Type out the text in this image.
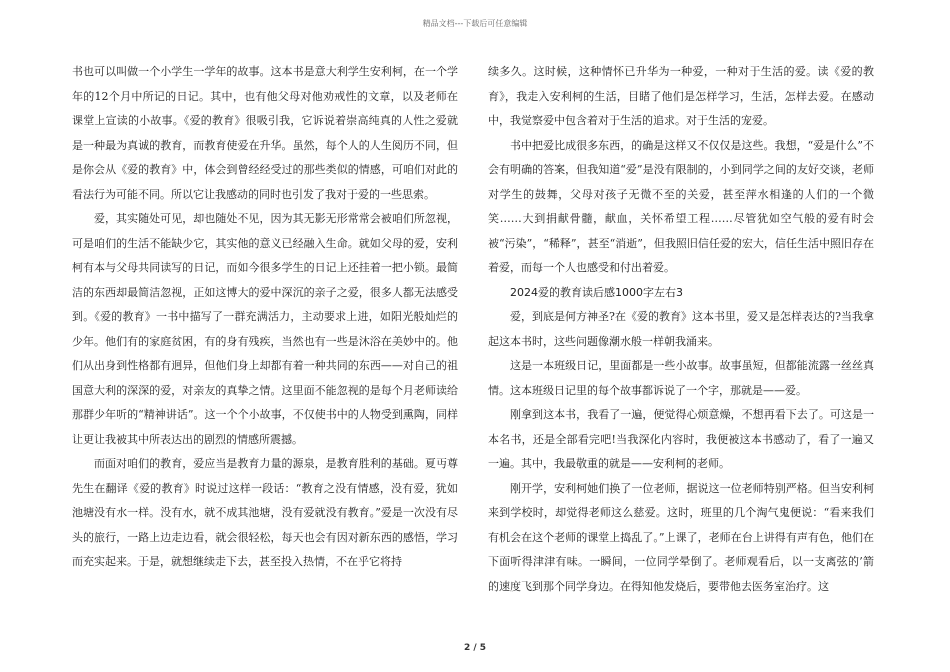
精品文档---下载后可任意编辑

书也可以叫做一个小学生一学年的故事。这本书是意大利学生安利柯，在一个学年的12个月中所记的日记。其中，也有他父母对他劝戒性的文章，以及老师在课堂上宣读的小故事。《爱的教育》很吸引我，它诉说着崇高纯真的人性之爱就是一种最为真诚的教育，而教育使爱在升华。虽然，每个人的人生阅历不同，但是你会从《爱的教育》中，体会到曾经经受过的那些类似的情感，可咱们对此的看法行为可能不同。所以它让我感动的同时也引发了我对于爱的一些思索。

爱，其实随处可见，却也随处不见，因为其无影无形常常会被咱们所忽视，可是咱们的生活不能缺少它，其实他的意义已经融入生命。就如父母的爱，安利柯有本与父母共同读写的日记，而如今很多学生的日记上还挂着一把小锁。最简洁的东西却最简洁忽视，正如这博大的爱中深沉的亲子之爱，很多人都无法感受到。《爱的教育》一书中描写了一群充满活力，主动要求上进，如阳光般灿烂的少年。他们有的家庭贫困，有的身有残疾，当然也有一些是沐浴在美妙中的。他们从出身到性格都有迥异，但他们身上却都有着一种共同的东西——对自己的祖国意大利的深深的爱，对亲友的真挚之情。这里面不能忽视的是每个月老师读给那群少年听的“精神讲话”。这一个个小故事，不仅使书中的人物受到熏陶，同样让更让我被其中所表达出的剧烈的情感所震撼。

而面对咱们的教育，爱应当是教育力量的源泉，是教育胜利的基础。夏丏尊先生在翻译《爱的教育》时说过这样一段话：“教育之没有情感，没有爱，犹如池塘没有水一样。没有水，就不成其池塘，没有爱就没有教育。”爱是一次没有尽头的旅行，一路上边走边看，就会很轻松，每天也会有因对新东西的感悟，学习而充实起来。于是，就想继续走下去，甚至投入热情，不在乎它将持

续多久。这时候，这种情怀已升华为一种爱，一种对于生活的爱。读《爱的教育》，我走入安利柯的生活，目睹了他们是怎样学习，生活，怎样去爱。在感动中，我觉察爱中包含着对于生活的追求。对于生活的宠爱。

书中把爱比成很多东西，的确是这样又不仅仅是这些。我想，“爱是什么”不会有明确的答案，但我知道“爱”是没有限制的，小到同学之间的友好交谈，老师对学生的鼓舞，父母对孩子无微不至的关爱，甚至萍水相逢的人们的一个微笑……大到捐献骨髓，献血，关怀希望工程……尽管犹如空气般的爱有时会被“污染”，“稀释”，甚至“消逝”，但我照旧信任爱的宏大，信任生活中照旧存在着爱，而每一个人也感受和付出着爱。

2024爱的教育读后感1000字左右3

爱，到底是何方神圣?在《爱的教育》这本书里，爱又是怎样表达的?当我拿起这本书时，这些问题像潮水般一样朝我涌来。

这是一本班级日记，里面都是一些小故事。故事虽短，但都能流露一丝丝真情。这本班级日记里的每个故事都诉说了一个字，那就是——爱。

刚拿到这本书，我看了一遍，便觉得心烦意燥，不想再看下去了。可这是一本名书，还是全部看完吧!当我深化内容时，我便被这本书感动了，看了一遍又一遍。其中，我最敬重的就是——安利柯的老师。

刚开学，安利柯她们换了一位老师，据说这一位老师特别严格。但当安利柯来到学校时，却觉得老师这么慈爱。这时，班里的几个淘气鬼便说：“看来我们有机会在这个老师的课堂上捣乱了。”上课了，老师在台上讲得有声有色，他们在下面听得津津有味。一瞬间，一位同学晕倒了。老师观看后，以一支离弦的’箭的速度飞到那个同学身边。在得知他发烧后，要带他去医务室治疗。这

2 / 5
